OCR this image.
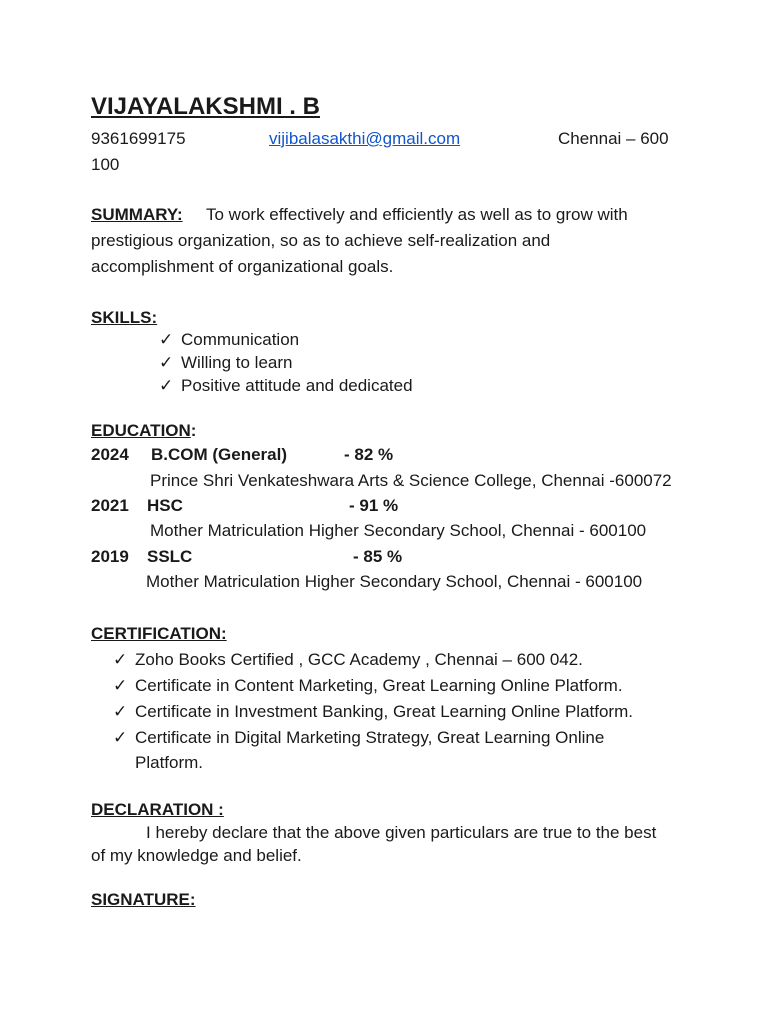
VIJAYALAKSHMI . B
9361699175	vijibalasakthi@gmail.com	Chennai – 600
100
SUMMARY: To work effectively and efficiently as well as to grow with
prestigious organization, so as to achieve self-realization and
accomplishment of organizational goals.
SKILLS:
✓ Communication
✓ Willing to learn
✓ Positive attitude and dedicated
EDUCATION:
2024 B.COM (General)	- 82 %
Prince Shri Venkateshwara Arts & Science College, Chennai -600072
2021 HSC	- 91 %
Mother Matriculation Higher Secondary School, Chennai - 600100
2019 SSLC	- 85 %
Mother Matriculation Higher Secondary School, Chennai - 600100
CERTIFICATION:
✓ Zoho Books Certified , GCC Academy , Chennai – 600 042.
✓ Certificate in Content Marketing, Great Learning Online Platform.
✓ Certificate in Investment Banking, Great Learning Online Platform.
✓ Certificate in Digital Marketing Strategy, Great Learning Online
Platform.
DECLARATION :
I hereby declare that the above given particulars are true to the best
of my knowledge and belief.
SIGNATURE:
